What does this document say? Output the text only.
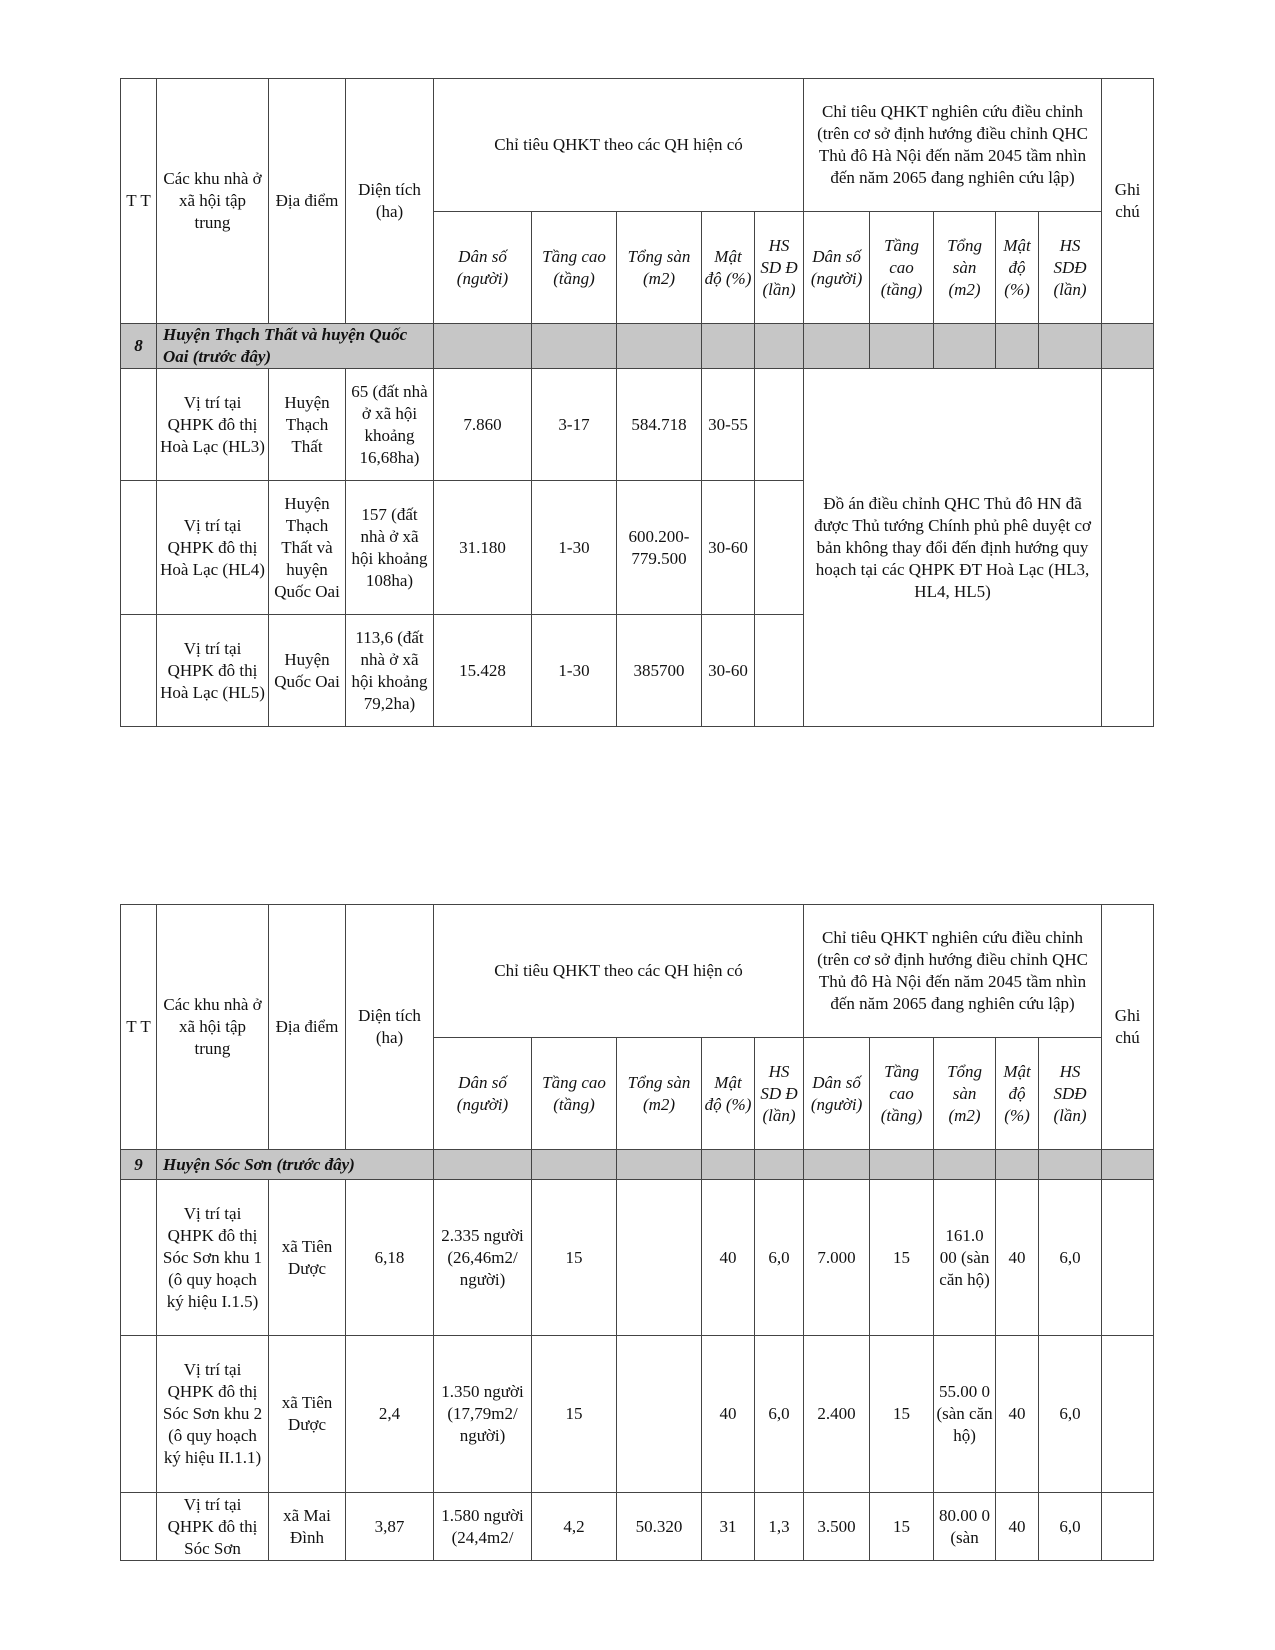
T T	Các khu nhà ở xã hội tập trung	Địa điểm	Diện tích (ha)	Chỉ tiêu QHKT theo các QH hiện có					Chỉ tiêu QHKT nghiên cứu điều chỉnh (trên cơ sở định hướng điều chỉnh QHC Thủ đô Hà Nội đến năm 2045 tầm nhìn đến năm 2065 đang nghiên cứu lập)					Ghi chú
				Dân số (người)	Tầng cao (tầng)	Tổng sàn (m2)	Mật độ (%)	HS SD Đ (lần)	Dân số (người)	Tầng cao (tầng)	Tổng sàn (m2)	Mật độ (%)	HS SDĐ (lần)	
8	Huyện Thạch Thất và huyện Quốc Oai (trước đây)													
	Vị trí tại QHPK đô thị Hoà Lạc (HL3)	Huyện Thạch Thất	65 (đất nhà ở xã hội khoảng 16,68ha)	7.860	3-17	584.718	30-55		Đồ án điều chỉnh QHC Thủ đô HN đã được Thủ tướng Chính phủ phê duyệt cơ bản không thay đổi đến định hướng quy hoạch tại các QHPK ĐT Hoà Lạc (HL3, HL4, HL5)					
	Vị trí tại QHPK đô thị Hoà Lạc (HL4)	Huyện Thạch Thất và huyện Quốc Oai	157 (đất nhà ở xã hội khoảng 108ha)	31.180	1-30	600.200-779.500	30-60							
	Vị trí tại QHPK đô thị Hoà Lạc (HL5)	Huyện Quốc Oai	113,6 (đất nhà ở xã hội khoảng 79,2ha)	15.428	1-30	385700	30-60							
T T	Các khu nhà ở xã hội tập trung	Địa điểm	Diện tích (ha)	Chỉ tiêu QHKT theo các QH hiện có					Chỉ tiêu QHKT nghiên cứu điều chỉnh (trên cơ sở định hướng điều chỉnh QHC Thủ đô Hà Nội đến năm 2045 tầm nhìn đến năm 2065 đang nghiên cứu lập)					Ghi chú
				Dân số (người)	Tầng cao (tầng)	Tổng sàn (m2)	Mật độ (%)	HS SD Đ (lần)	Dân số (người)	Tầng cao (tầng)	Tổng sàn (m2)	Mật độ (%)	HS SDĐ (lần)	
9	Huyện Sóc Sơn (trước đây)													
	Vị trí tại QHPK đô thị Sóc Sơn khu 1 (ô quy hoạch ký hiệu I.1.5)	xã Tiên Dược	6,18	2.335 người (26,46m2/ người)	15		40	6,0	7.000	15	161.0 00 (sàn căn hộ)	40	6,0	
	Vị trí tại QHPK đô thị Sóc Sơn khu 2 (ô quy hoạch ký hiệu II.1.1)	xã Tiên Dược	2,4	1.350 người (17,79m2/ người)	15		40	6,0	2.400	15	55.00 0 (sàn căn hộ)	40	6,0	
	Vị trí tại QHPK đô thị Sóc Sơn	xã Mai Đình	3,87	1.580 người (24,4m2/	4,2	50.320	31	1,3	3.500	15	80.00 0 (sàn	40	6,0	
